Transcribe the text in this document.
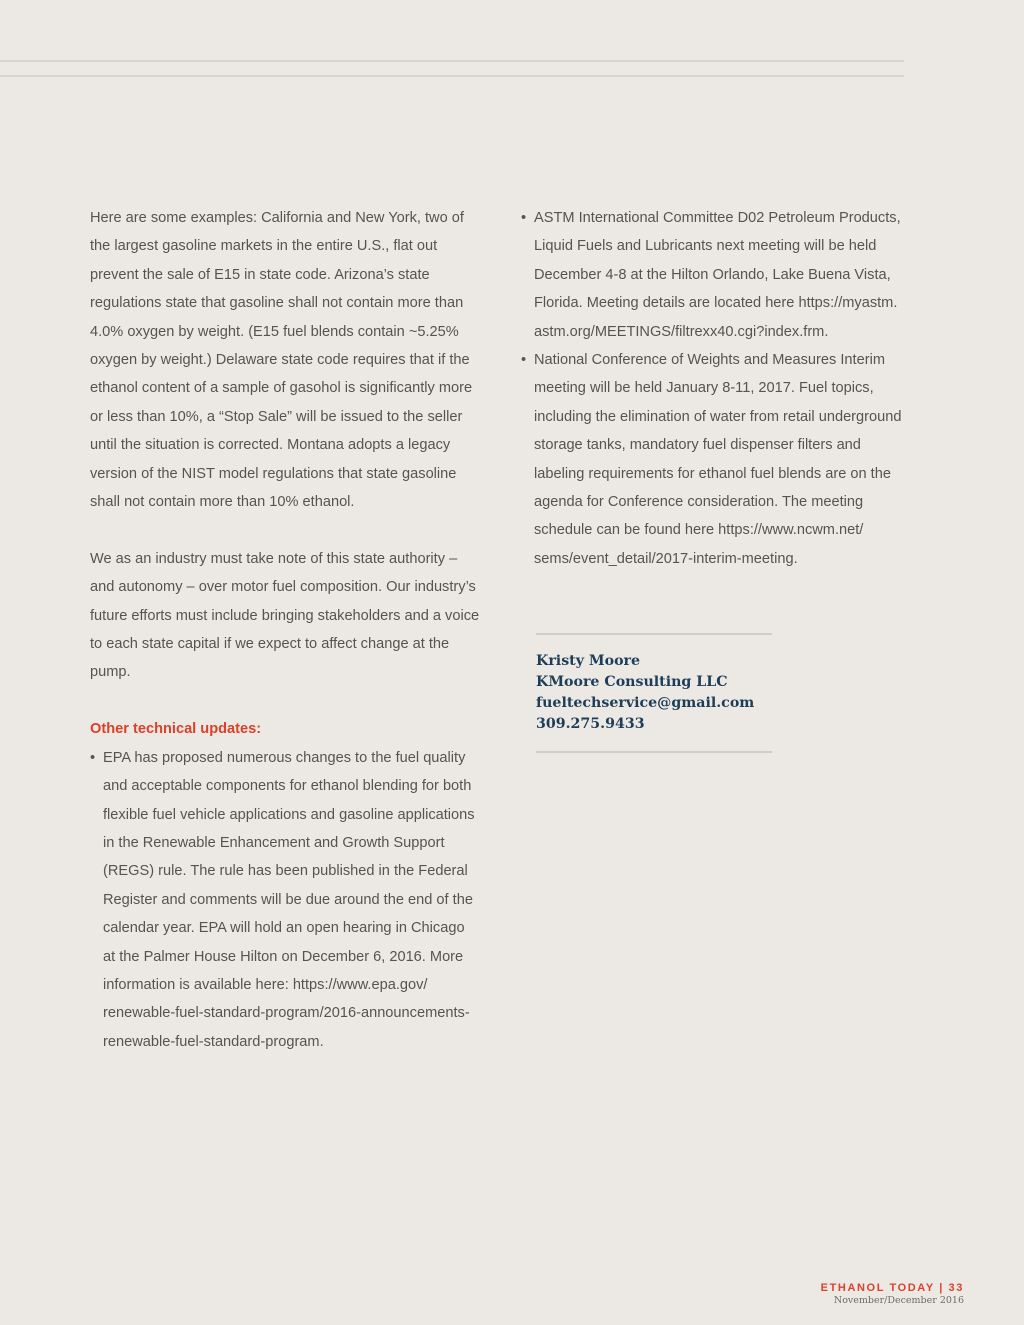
Here are some examples: California and New York, two of the largest gasoline markets in the entire U.S., flat out prevent the sale of E15 in state code. Arizona’s state regulations state that gasoline shall not contain more than 4.0% oxygen by weight. (E15 fuel blends contain ~5.25% oxygen by weight.) Delaware state code requires that if the ethanol content of a sample of gasohol is significantly more or less than 10%, a “Stop Sale” will be issued to the seller until the situation is corrected. Montana adopts a legacy version of the NIST model regulations that state gasoline shall not contain more than 10% ethanol.

We as an industry must take note of this state authority – and autonomy – over motor fuel composition. Our industry’s future efforts must include bringing stakeholders and a voice to each state capital if we expect to affect change at the pump.

Other technical updates:

• EPA has proposed numerous changes to the fuel quality and acceptable components for ethanol blending for both flexible fuel vehicle applications and gasoline applications in the Renewable Enhancement and Growth Support (REGS) rule. The rule has been published in the Federal Register and comments will be due around the end of the calendar year. EPA will hold an open hearing in Chicago at the Palmer House Hilton on December 6, 2016. More information is available here: https://www.epa.gov/ renewable-fuel-standard-program/2016-announcements-renewable-fuel-standard-program.
• ASTM International Committee D02 Petroleum Products, Liquid Fuels and Lubricants next meeting will be held December 4-8 at the Hilton Orlando, Lake Buena Vista, Florida. Meeting details are located here https://myastm. astm.org/MEETINGS/filtrexx40.cgi?index.frm.
• National Conference of Weights and Measures Interim meeting will be held January 8-11, 2017. Fuel topics, including the elimination of water from retail underground storage tanks, mandatory fuel dispenser filters and labeling requirements for ethanol fuel blends are on the agenda for Conference consideration. The meeting schedule can be found here https://www.ncwm.net/ sems/event_detail/2017-interim-meeting.
Kristy Moore
KMoore Consulting LLC
fueltechservice@gmail.com
309.275.9433
ETHANOL TODAY | 33
November/December 2016
